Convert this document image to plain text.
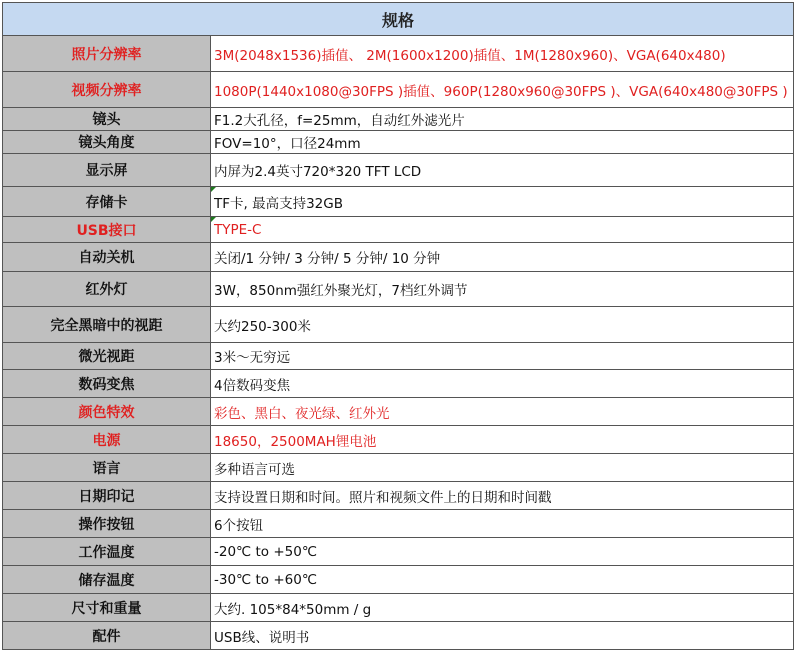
规格
照片分辨率	3M(2048x1536)插值、 2M(1600x1200)插值、1M(1280x960)、VGA(640x480)
视频分辨率	1080P(1440x1080@30FPS )插值、960P(1280x960@30FPS )、VGA(640x480@30FPS )
镜头	F1.2大孔径，f=25mm，自动红外滤光片
镜头角度	FOV=10°，口径24mm
显示屏	内屏为2.4英寸720*320 TFT LCD
存储卡	TF卡, 最高支持32GB
USB接口	TYPE-C
自动关机	关闭/1 分钟/ 3 分钟/ 5 分钟/ 10 分钟
红外灯	3W，850nm强红外聚光灯，7档红外调节
完全黑暗中的视距	大约250-300米
微光视距	3米～无穷远
数码变焦	4倍数码变焦
颜色特效	彩色、黑白、夜光绿、红外光
电源	18650，2500MAH锂电池
语言	多种语言可选
日期印记	支持设置日期和时间。照片和视频文件上的日期和时间戳
操作按钮	6个按钮
工作温度	-20℃ to +50℃
储存温度	-30℃ to +60℃
尺寸和重量	大约. 105*84*50mm / g
配件	USB线、说明书
